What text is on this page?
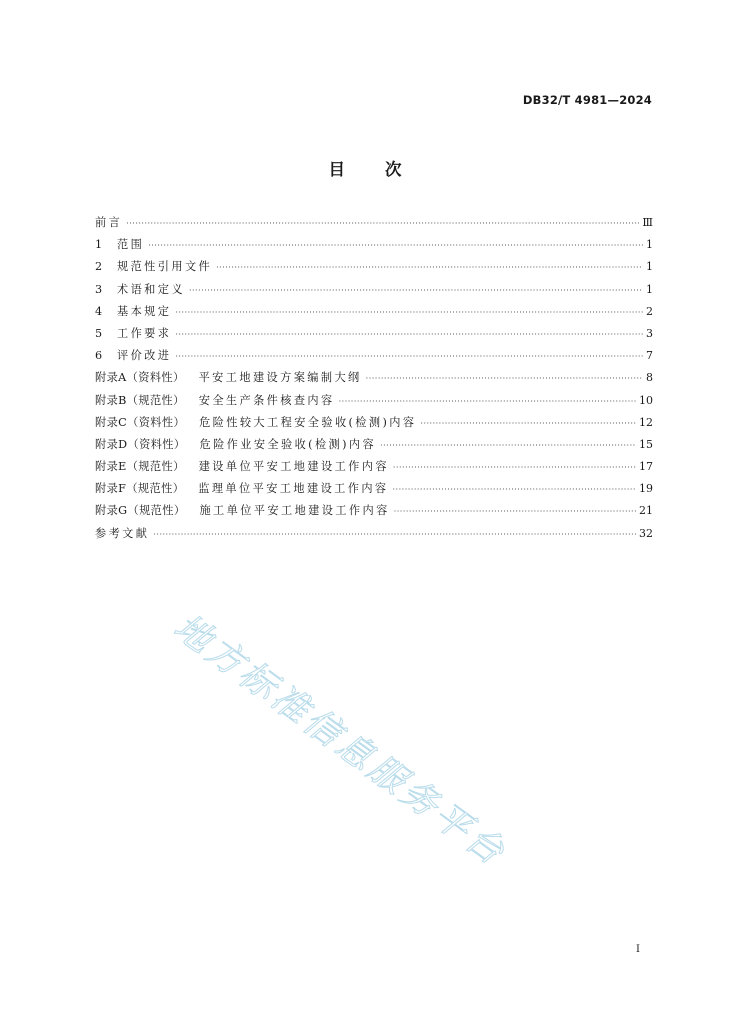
DB32/T 4981—2024
目次
前言 ·····	Ⅲ
1	范围 ·····	1
2	规范性引用文件 ·····	1
3	术语和定义 ·····	1
4	基本规定 ·····	2
5	工作要求 ·····	3
6	评价改进 ·····	7
附录A（资料性） 平安工地建设方案编制大纲 ·····	8
附录B（规范性） 安全生产条件核查内容 ·····	10
附录C（资料性） 危险性较大工程安全验收(检测)内容 ·····	12
附录D（资料性） 危险作业安全验收(检测)内容 ·····	15
附录E（规范性） 建设单位平安工地建设工作内容 ·····	17
附录F（规范性） 监理单位平安工地建设工作内容 ·····	19
附录G（规范性） 施工单位平安工地建设工作内容 ·····	21
参考文献 ·····	32
地方标准信息服务平台
I
